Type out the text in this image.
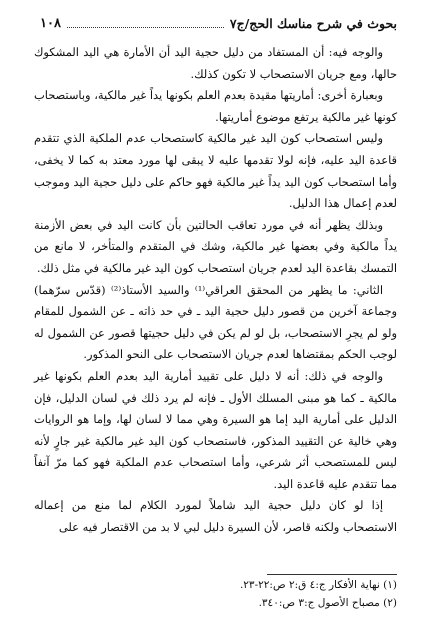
بحوث في شرح مناسك الحج/ج٧
١٠٨

والوجه فيه: أن المستفاد من دليل حجية اليد أن الأمارة هي اليد المشكوك حالها، ومع جريان الاستصحاب لا تكون كذلك.

وبعبارة أخرى: أماريتها مقيدة بعدم العلم بكونها يداً غير مالكية، وباستصحاب كونها غير مالكية يرتفع موضوع أماريتها.

وليس استصحاب كون اليد غير مالكية كاستصحاب عدم الملكية الذي تتقدم قاعدة اليد عليه، فإنه لولا تقدمها عليه لا يبقى لها مورد معتد به كما لا يخفى، وأما استصحاب كون اليد يداً غير مالكية فهو حاكم على دليل حجية اليد وموجب لعدم إعمال هذا الدليل.

وبذلك يظهر أنه في مورد تعاقب الحالتين بأن كانت اليد في بعض الأزمنة يداً مالكية وفي بعضها غير مالكية، وشك في المتقدم والمتأخر، لا مانع من التمسك بقاعدة اليد لعدم جريان استصحاب كون اليد غير مالكية في مثل ذلك.

الثاني: ما يظهر من المحقق العراقي⁽¹⁾ والسيد الأستاذ⁽²⁾ (قدّس سرّهما) وجماعة آخرين من قصور دليل حجية اليد ـ في حد ذاته ـ عن الشمول للمقام ولو لم يجرِ الاستصحاب، بل لو لم يكن في دليل حجيتها قصور عن الشمول له لوجب الحكم بمقتضاها لعدم جريان الاستصحاب على النحو المذكور.

والوجه في ذلك: أنه لا دليل على تقييد أمارية اليد بعدم العلم بكونها غير مالكية ـ كما هو مبنى المسلك الأول ـ فإنه لم يرد ذلك في لسان الدليل، فإن الدليل على أمارية اليد إما هو السيرة وهي مما لا لسان لها، وإما هو الروايات وهي خالية عن التقييد المذكور، فاستصحاب كون اليد غير مالكية غير جارٍ لأنه ليس للمستصحب أثر شرعي، وأما استصحاب عدم الملكية فهو كما مرّ آنفاً مما تتقدم عليه قاعدة اليد.

إذا لو كان دليل حجية اليد شاملاً لمورد الكلام لما منع من إعماله الاستصحاب ولكنه قاصر، لأن السيرة دليل لبي لا بد من الاقتصار فيه على

(١) نهاية الأفكار ج:٤ ق:٢ ص:٢٢-٢٣.

(٢) مصباح الأصول ج:٣ ص:٣٤٠.
